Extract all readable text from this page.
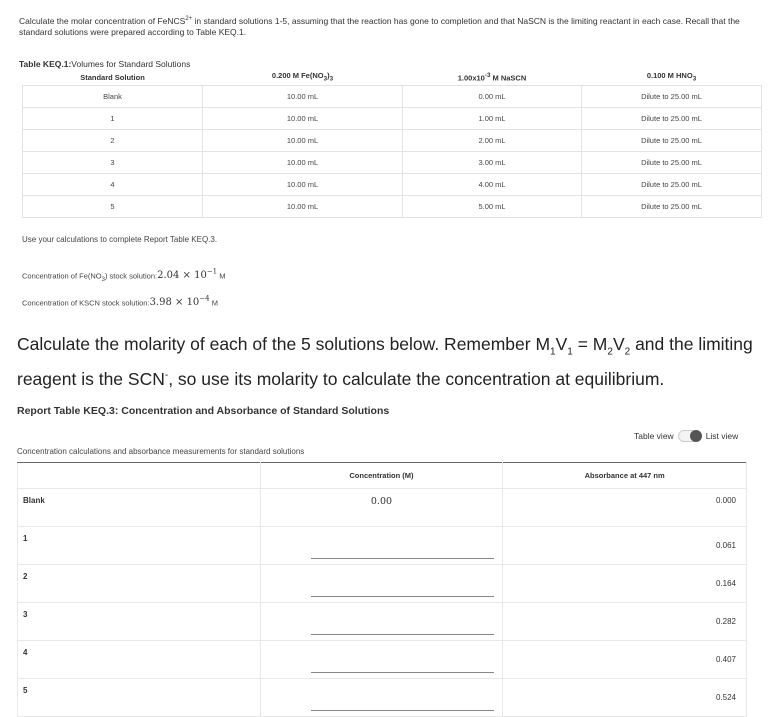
Calculate the molar concentration of FeNCS$^{2+}$ in standard solutions 1-5, assuming that the reaction has gone to completion and that NaSCN is the limiting reactant in each case. Recall that the standard solutions were prepared according to Table KEQ.1.
Table KEQ.1:Volumes for Standard Solutions
Standard Solution	0.200 M $Fe(NO_3)_3$	$1.00x10^{-3}$ M NaSCN	0.100 M $HNO_3$
Blank	10.00 mL	0.00 mL	Dilute to 25.00 mL
1	10.00 mL	1.00 mL	Dilute to 25.00 mL
2	10.00 mL	2.00 mL	Dilute to 25.00 mL
3	10.00 mL	3.00 mL	Dilute to 25.00 mL
4	10.00 mL	4.00 mL	Dilute to 25.00 mL
5	10.00 mL	5.00 mL	Dilute to 25.00 mL
Use your calculations to complete Report Table KEQ.3.
Concentration of $Fe(NO_3)$ stock solution:2.04 × $10^{-1}$ M
Concentration of KSCN stock solution:3.98 × $10^{-4}$ M
Calculate the molarity of each of the 5 solutions below. Remember $M_1V_1 = M_2V_2$ and the limiting reagent is the SCN-, so use its molarity to calculate the concentration at equilibrium.
Report Table KEQ.3: Concentration and Absorbance of Standard Solutions
Table view	List view
Concentration calculations and absorbance measurements for standard solutions
	Concentration (M)	Absorbance at 447 nm
Blank	0.00	0.000
1		0.061
2		0.164
3		0.282
4		0.407
5		0.524
